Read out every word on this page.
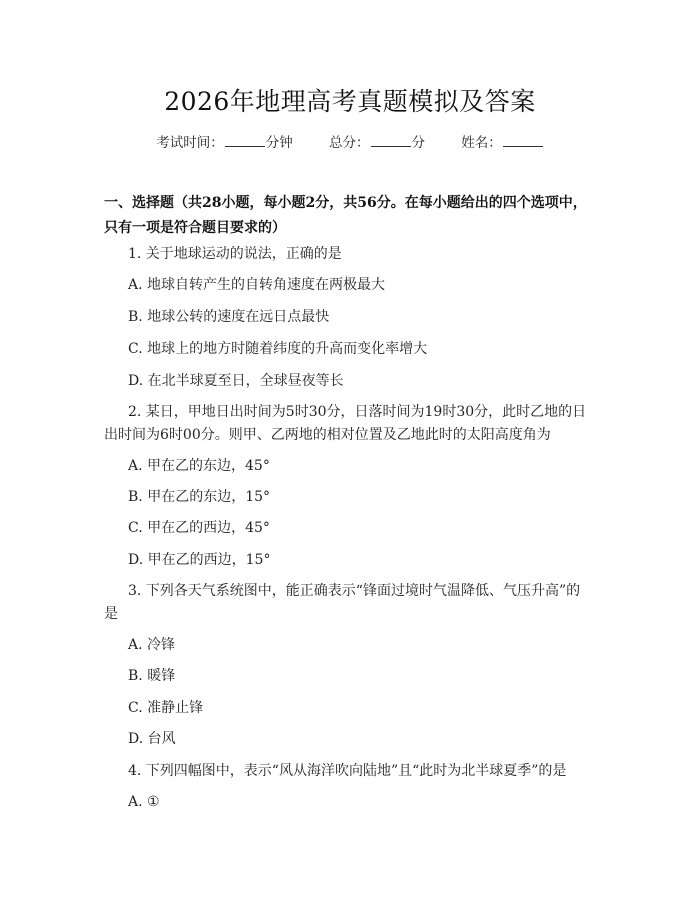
2026年地理高考真题模拟及答案
考试时间：	分钟	总分：	分	姓名：
一、选择题（共28小题，每小题2分，共56分。在每小题给出的四个选项中，
只有一项是符合题目要求的）
1. 关于地球运动的说法，正确的是
A. 地球自转产生的自转角速度在两极最大
B. 地球公转的速度在远日点最快
C. 地球上的地方时随着纬度的升高而变化率增大
D. 在北半球夏至日，全球昼夜等长
2. 某日，甲地日出时间为5时30分，日落时间为19时30分，此时乙地的日
出时间为6时00分。则甲、乙两地的相对位置及乙地此时的太阳高度角为
A. 甲在乙的东边，45°
B. 甲在乙的东边，15°
C. 甲在乙的西边，45°
D. 甲在乙的西边，15°
3. 下列各天气系统图中，能正确表示“锋面过境时气温降低、气压升高”的
是
A. 冷锋
B. 暖锋
C. 准静止锋
D. 台风
4. 下列四幅图中，表示“风从海洋吹向陆地”且“此时为北半球夏季”的是
A. ①
